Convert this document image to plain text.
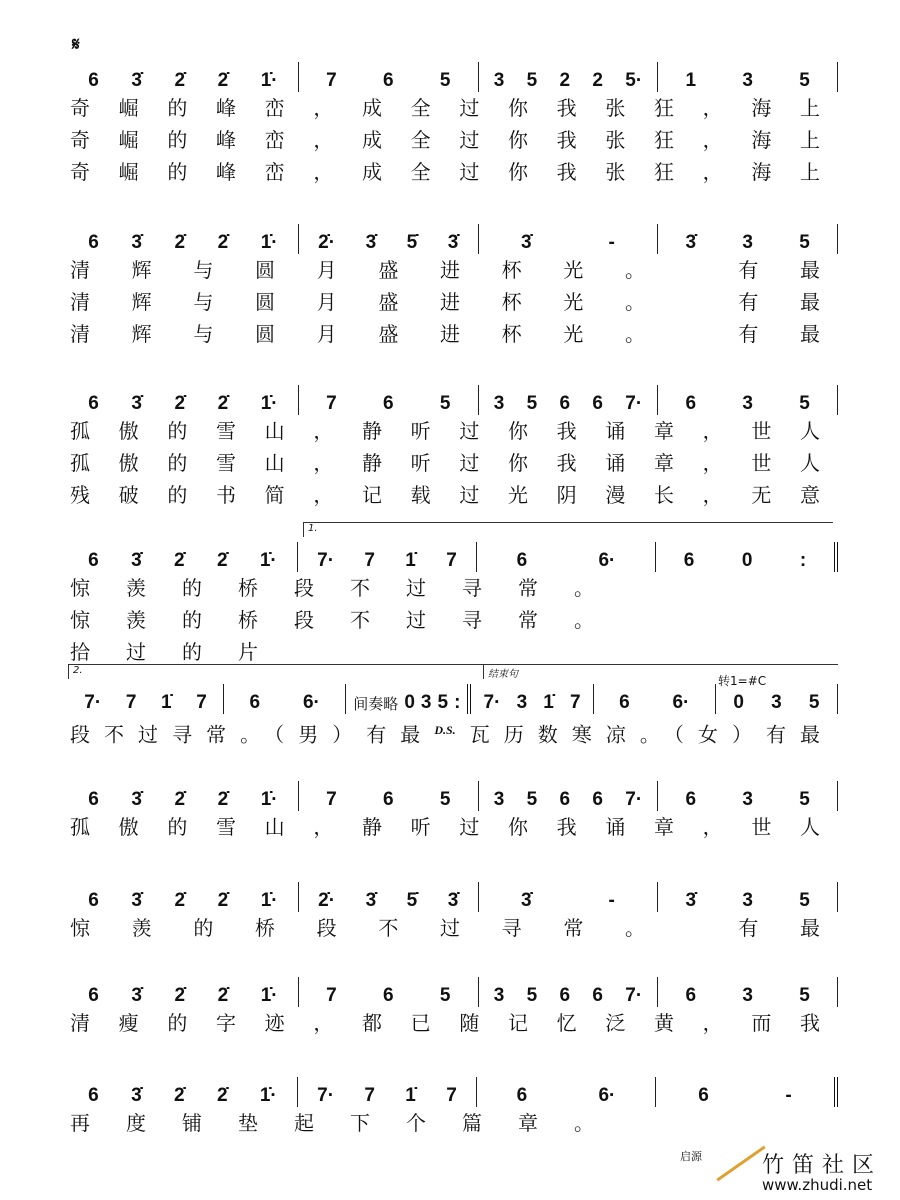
𝄋
6 3̇ 2̇ 2̇ 1̇·	7 6 5 3 5 2 2 5· 1 3 5
奇崛的峰峦，成全过你我张狂，海上
奇崛的峰峦，成全过你我张狂，海上
奇崛的峰峦，成全过你我张狂，海上
6 3̇ 2̇ 2̇ 1̇· 2̇· 3̇ 5̇ 3̇	3̇	-	3̇ 3 5
清辉与圆月盛进杯光。　有最
清辉与圆月盛进杯光。　有最
清辉与圆月盛进杯光。　有最
6 3̇ 2̇ 2̇ 1̇·	7 6 5 3 5 6 6 7· 6 3 5
孤傲的雪山，静听过你我诵章，世人
孤傲的雪山，静听过你我诵章，世人
残破的书简，记载过光阴漫长，无意
1.
6 3̇ 2̇ 2̇ 1̇· 7· 7 1̇ 7	6	6·	6	0	:
惊羡的桥段不过寻常。
惊羡的桥段不过寻常。
拾过的片
2.	结束句	转1=#C
7· 7 1̇ 7 6 6· 间奏略 0 3 5 : 7· 3 1̇ 7 6 6· 0 3 5
段不过寻常。（男）有最$^{D.S.}$瓦历数寒凉。（女）有最
6 3̇ 2̇ 2̇ 1̇·	7 6 5 3 5 6 6 7· 6 3 5
孤傲的雪山，静听过你我诵章，世人
6 3̇ 2̇ 2̇ 1̇· 2̇· 3̇ 5̇ 3̇	3̇	-	3̇ 3 5
惊羡的桥段不过寻常。　有最
6 3̇ 2̇ 2̇ 1̇·	7 6 5 3 5 6 6 7· 6 3 5
清瘦的字迹，都已随记忆泛黄，而我
6 3̇ 2̇ 2̇ 1̇· 7· 7 1̇ 7	6	6·	6	-
再度铺垫起下个篇章。
启源	竹笛社区
www.zhudi.net
